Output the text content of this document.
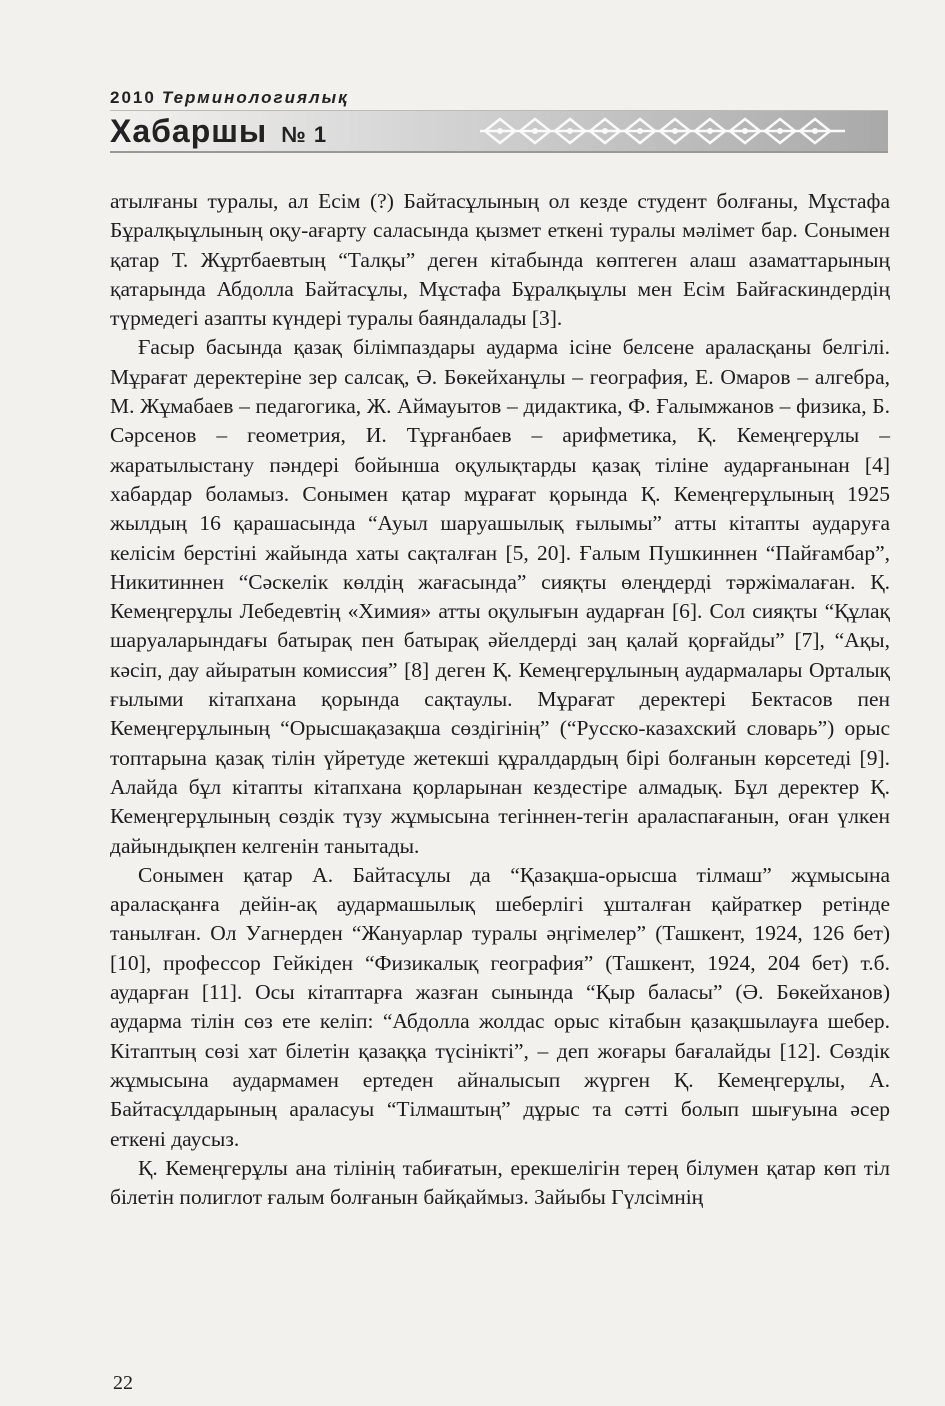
2010 Терминологиялық
Хабаршы № 1

атылғаны туралы, ал Есім (?) Байтасұлының ол кезде студент болғаны, Мұстафа Бұралқыұлының оқу-ағарту саласында қызмет еткені туралы мәлімет бар. Сонымен қатар Т. Жұртбаевтың “Талқы” деген кітабында көптеген алаш азаматтарының қатарында Абдолла Байтасұлы, Мұстафа Бұралқыұлы мен Есім Байғаскиндердің түрмедегі азапты күндері туралы баяндалады [3].

Ғасыр басында қазақ білімпаздары аударма ісіне белсене араласқаны белгілі. Мұрағат деректеріне зер салсақ, Ә. Бөкейханұлы – география, Е. Омаров – алгебра, М. Жұмабаев – педагогика, Ж. Аймауытов – дидактика, Ф. Ғалымжанов – физика, Б. Сәрсенов – геометрия, И. Тұрғанбаев – арифметика, Қ. Кемеңгерұлы – жаратылыстану пәндері бойынша оқулықтарды қазақ тіліне аударғанынан [4] хабардар боламыз. Сонымен қатар мұрағат қорында Қ. Кемеңгерұлының 1925 жылдың 16 қарашасында “Ауыл шаруашылық ғылымы” атты кітапты аударуға келісім берстіні жайында хаты сақталған [5, 20]. Ғалым Пушкиннен “Пайғамбар”, Никитиннен “Сәскелік көлдің жағасында” сияқты өлеңдерді тәржімалаған. Қ. Кемеңгерұлы Лебедевтің «Химия» атты оқулығын аударған [6]. Сол сияқты “Құлақ шаруаларындағы батырақ пен батырақ әйелдерді заң қалай қорғайды” [7], “Ақы, кәсіп, дау айыратын комиссия” [8] деген Қ. Кемеңгерұлының аудармалары Орталық ғылыми кітапхана қорында сақтаулы. Мұрағат деректері Бектасов пен Кемеңгерұлының “Орысшақазақша сөздігінің” (“Русско-казахский словарь”) орыс топтарына қазақ тілін үйретуде жетекші құралдардың бірі болғанын көрсетеді [9]. Алайда бұл кітапты кітапхана қорларынан кездестіре алмадық. Бұл деректер Қ. Кемеңгерұлының сөздік түзу жұмысына тегіннен-тегін араласпағанын, оған үлкен дайындықпен келгенін танытады.

Сонымен қатар А. Байтасұлы да “Қазақша-орысша тілмаш” жұмысына араласқанға дейін-ақ аудармашылық шеберлігі ұшталған қайраткер ретінде танылған. Ол Уагнерден “Жануарлар туралы әңгімелер” (Ташкент, 1924, 126 бет) [10], профессор Гейкіден “Физикалық география” (Ташкент, 1924, 204 бет) т.б. аударған [11]. Осы кітаптарға жазған сынында “Қыр баласы” (Ә. Бөкейханов) аударма тілін сөз ете келіп: “Абдолла жолдас орыс кітабын қазақшылауға шебер. Кітаптың сөзі хат білетін қазаққа түсінікті”, – деп жоғары бағалайды [12]. Сөздік жұмысына аудармамен ертеден айналысып жүрген Қ. Кемеңгерұлы, А. Байтасұлдарының араласуы “Тілмаштың” дұрыс та сәтті болып шығуына әсер еткені даусыз.

Қ. Кемеңгерұлы ана тілінің табиғатын, ерекшелігін терең білумен қатар көп тіл білетін полиглот ғалым болғанын байқаймыз. Зайыбы Гүлсімнің

22
